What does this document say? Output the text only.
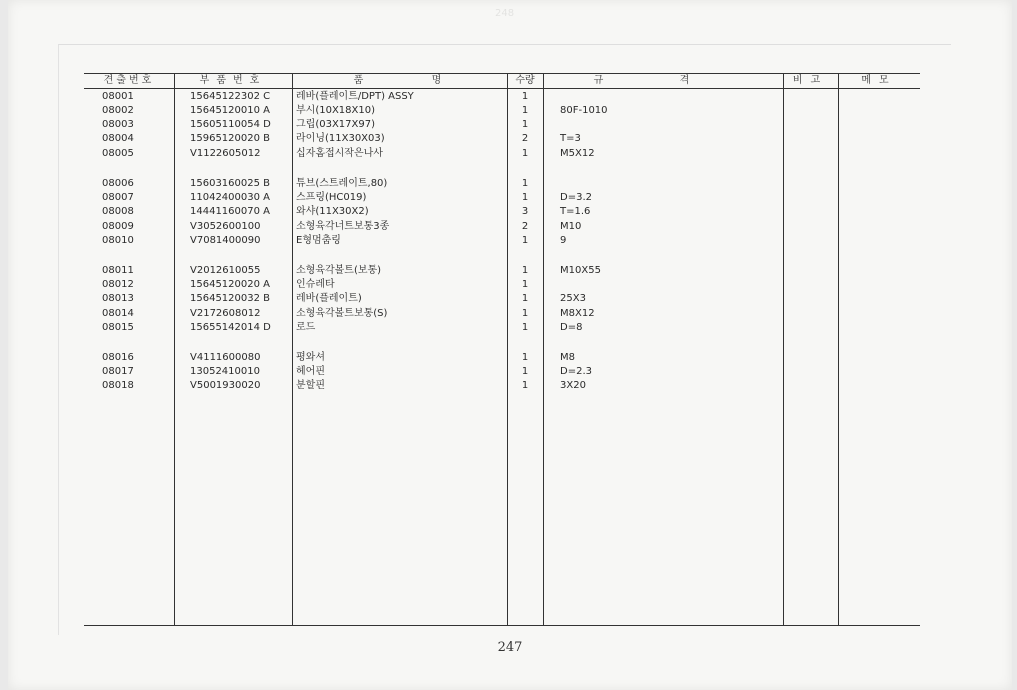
248
견출번호	부품번호	품	명	수량	규	격	비고	메모
08001	15645122302 C	레바(플레이트/DPT) ASSY	1
08002	15645120010 A	부시(10X18X10)	1	80F-1010
08003	15605110054 D	그립(03X17X97)	1
08004	15965120020 B	라이닝(11X30X03)	2	T=3
08005	V1122605012	십자홈접시작은나사	1	M5X12
08006	15603160025 B	튜브(스트레이트,80)	1
08007	11042400030 A	스프링(HC019)	1	D=3.2
08008	14441160070 A	와샤(11X30X2)	3	T=1.6
08009	V3052600100	소형육각너트보통3종	2	M10
08010	V7081400090	E형멈춤링	1	9
08011	V2012610055	소형육각볼트(보통)	1	M10X55
08012	15645120020 A	인슈레타	1
08013	15645120032 B	레바(플레이트)	1	25X3
08014	V2172608012	소형육각볼트보통(S)	1	M8X12
08015	15655142014 D	로드	1	D=8
08016	V4111600080	평와셔	1	M8
08017	13052410010	헤어핀	1	D=2.3
08018	V5001930020	분할핀	1	3X20
247
